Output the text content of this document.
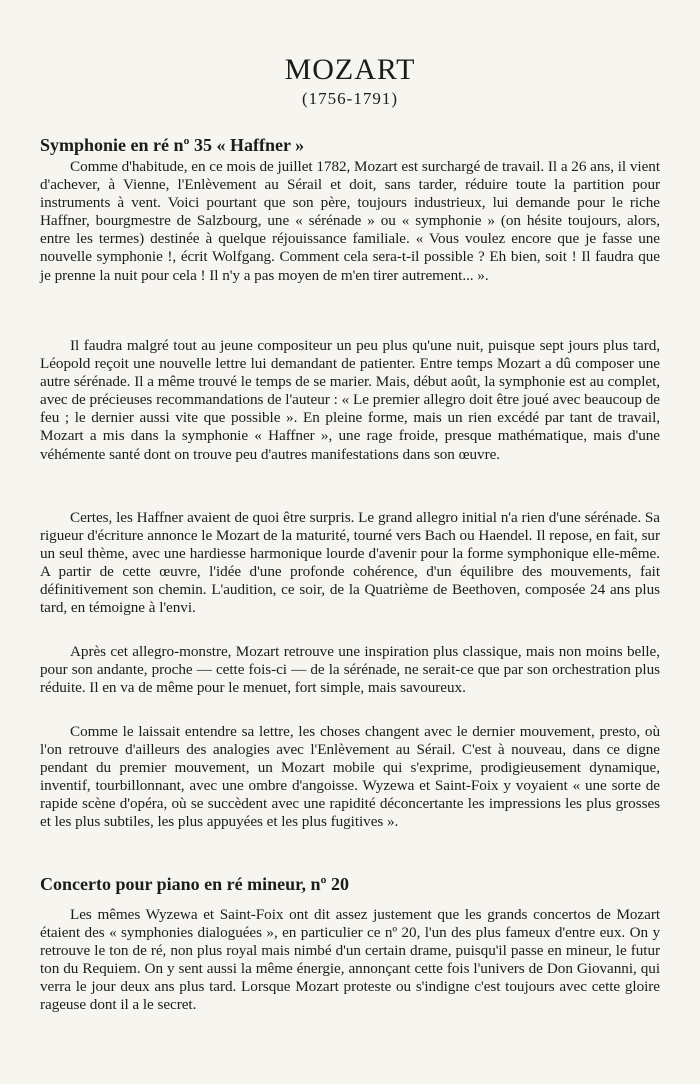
MOZART

(1756-1791)

Symphonie en ré nº 35 « Haffner »

Comme d'habitude, en ce mois de juillet 1782, Mozart est surchargé de travail. Il a 26 ans, il vient d'achever, à Vienne, l'Enlèvement au Sérail et doit, sans tarder, réduire toute la partition pour instruments à vent. Voici pourtant que son père, toujours industrieux, lui demande pour le riche Haffner, bourgmestre de Salzbourg, une « sérénade » ou « symphonie » (on hésite toujours, alors, entre les termes) destinée à quelque réjouissance familiale. « Vous voulez encore que je fasse une nouvelle symphonie !, écrit Wolfgang. Comment cela sera-t-il possible ? Eh bien, soit ! Il faudra que je prenne la nuit pour cela ! Il n'y a pas moyen de m'en tirer autrement... ».

Il faudra malgré tout au jeune compositeur un peu plus qu'une nuit, puisque sept jours plus tard, Léopold reçoit une nouvelle lettre lui demandant de patienter. Entre temps Mozart a dû composer une autre sérénade. Il a même trouvé le temps de se marier. Mais, début août, la symphonie est au complet, avec de précieuses recommandations de l'auteur : « Le premier allegro doit être joué avec beaucoup de feu ; le dernier aussi vite que possible ». En pleine forme, mais un rien excédé par tant de travail, Mozart a mis dans la symphonie « Haffner », une rage froide, presque mathématique, mais d'une véhémente santé dont on trouve peu d'autres manifestations dans son œuvre.

Certes, les Haffner avaient de quoi être surpris. Le grand allegro initial n'a rien d'une sérénade. Sa rigueur d'écriture annonce le Mozart de la maturité, tourné vers Bach ou Haendel. Il repose, en fait, sur un seul thème, avec une hardiesse harmonique lourde d'avenir pour la forme symphonique elle-même. A partir de cette œuvre, l'idée d'une profonde cohérence, d'un équilibre des mouvements, fait définitivement son chemin. L'audition, ce soir, de la Quatrième de Beethoven, composée 24 ans plus tard, en témoigne à l'envi.

Après cet allegro-monstre, Mozart retrouve une inspiration plus classique, mais non moins belle, pour son andante, proche — cette fois-ci — de la sérénade, ne serait-ce que par son orchestration plus réduite. Il en va de même pour le menuet, fort simple, mais savoureux.

Comme le laissait entendre sa lettre, les choses changent avec le dernier mouvement, presto, où l'on retrouve d'ailleurs des analogies avec l'Enlèvement au Sérail. C'est à nouveau, dans ce digne pendant du premier mouvement, un Mozart mobile qui s'exprime, prodigieusement dynamique, inventif, tourbillonnant, avec une ombre d'angoisse. Wyzewa et Saint-Foix y voyaient « une sorte de rapide scène d'opéra, où se succèdent avec une rapidité déconcertante les impressions les plus grosses et les plus subtiles, les plus appuyées et les plus fugitives ».

Concerto pour piano en ré mineur, nº 20

Les mêmes Wyzewa et Saint-Foix ont dit assez justement que les grands concertos de Mozart étaient des « symphonies dialoguées », en particulier ce nº 20, l'un des plus fameux d'entre eux. On y retrouve le ton de ré, non plus royal mais nimbé d'un certain drame, puisqu'il passe en mineur, le futur ton du Requiem. On y sent aussi la même énergie, annonçant cette fois l'univers de Don Giovanni, qui verra le jour deux ans plus tard. Lorsque Mozart proteste ou s'indigne c'est toujours avec cette gloire rageuse dont il a le secret.
